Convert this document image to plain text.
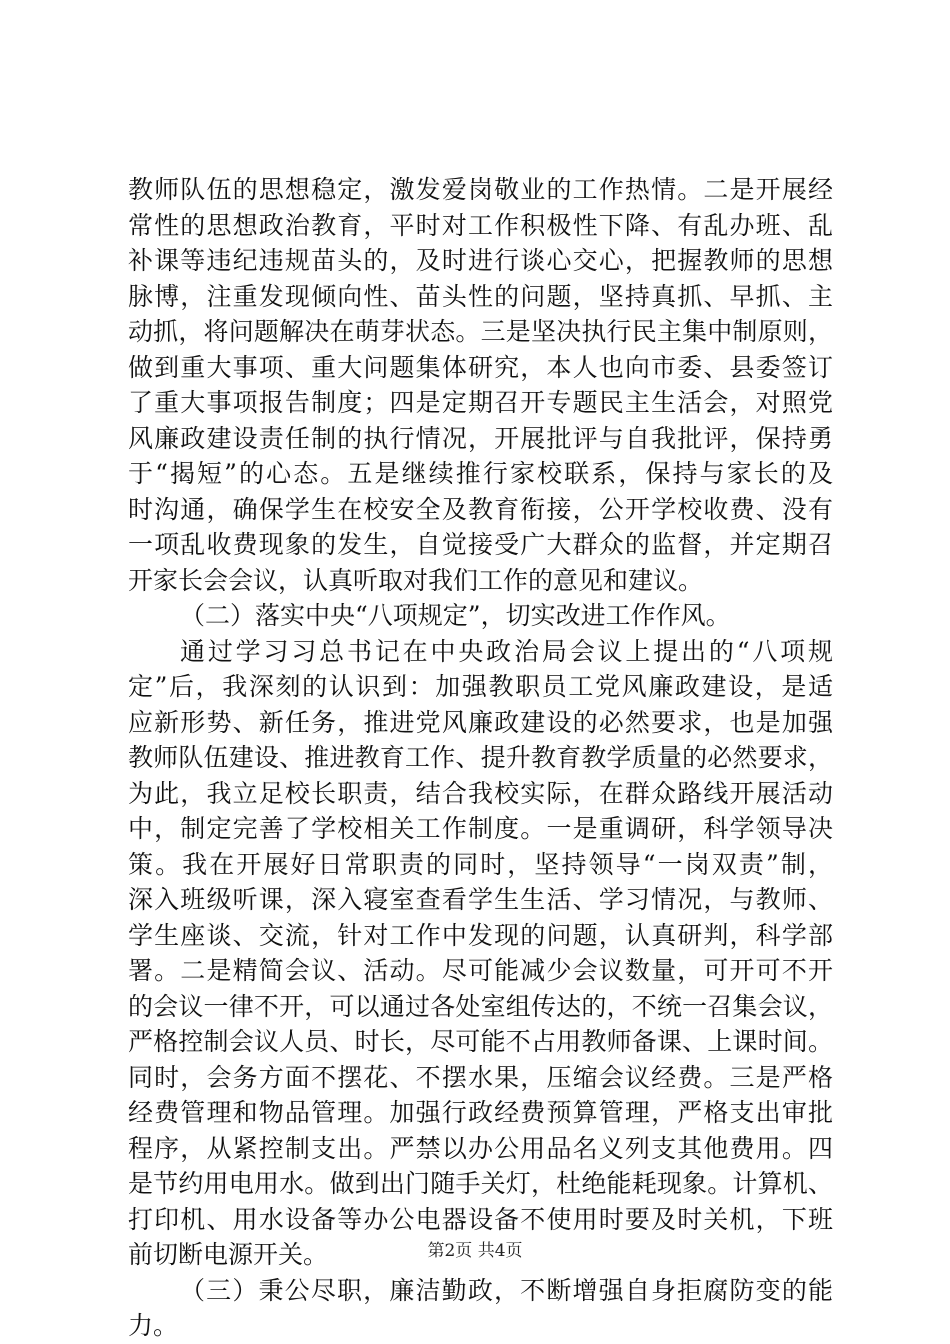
教师队伍的思想稳定，激发爱岗敬业的工作热情。二是开展经
常性的思想政治教育，平时对工作积极性下降、有乱办班、乱
补课等违纪违规苗头的，及时进行谈心交心，把握教师的思想
脉博，注重发现倾向性、苗头性的问题，坚持真抓、早抓、主
动抓，将问题解决在萌芽状态。三是坚决执行民主集中制原则，
做到重大事项、重大问题集体研究，本人也向市委、县委签订
了重大事项报告制度；四是定期召开专题民主生活会，对照党
风廉政建设责任制的执行情况，开展批评与自我批评，保持勇
于“揭短”的心态。五是继续推行家校联系，保持与家长的及
时沟通，确保学生在校安全及教育衔接，公开学校收费、没有
一项乱收费现象的发生，自觉接受广大群众的监督，并定期召
开家长会会议，认真听取对我们工作的意见和建议。
（二）落实中央“八项规定”，切实改进工作作风。
通过学习习总书记在中央政治局会议上提出的“八项规
定”后，我深刻的认识到：加强教职员工党风廉政建设，是适
应新形势、新任务，推进党风廉政建设的必然要求，也是加强
教师队伍建设、推进教育工作、提升教育教学质量的必然要求，
为此，我立足校长职责，结合我校实际，在群众路线开展活动
中，制定完善了学校相关工作制度。一是重调研，科学领导决
策。我在开展好日常职责的同时，坚持领导“一岗双责”制，
深入班级听课，深入寝室查看学生生活、学习情况，与教师、
学生座谈、交流，针对工作中发现的问题，认真研判，科学部
署。二是精简会议、活动。尽可能减少会议数量，可开可不开
的会议一律不开，可以通过各处室组传达的，不统一召集会议，
严格控制会议人员、时长，尽可能不占用教师备课、上课时间。
同时，会务方面不摆花、不摆水果，压缩会议经费。三是严格
经费管理和物品管理。加强行政经费预算管理，严格支出审批
程序，从紧控制支出。严禁以办公用品名义列支其他费用。四
是节约用电用水。做到出门随手关灯，杜绝能耗现象。计算机、
打印机、用水设备等办公电器设备不使用时要及时关机，下班
前切断电源开关。
（三）秉公尽职，廉洁勤政，不断增强自身拒腐防变的能
力。
第2页 共4页
